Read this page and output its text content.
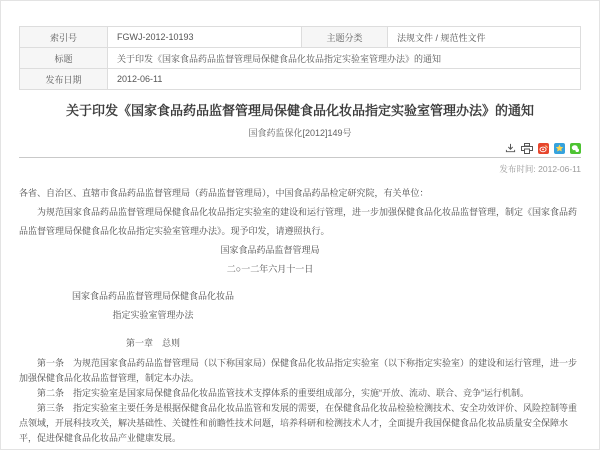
索引号	FGWJ-2012-10193	主题分类	法规文件 / 规范性文件
标题	关于印发《国家食品药品监督管理局保健食品化妆品指定实验室管理办法》的通知		
发布日期	2012-06-11		
关于印发《国家食品药品监督管理局保健食品化妆品指定实验室管理办法》的通知
国食药监保化[2012]149号
发布时间: 2012-06-11

各省、自治区、直辖市食品药品监督管理局（药品监督管理局），中国食品药品检定研究院，有关单位：

为规范国家食品药品监督管理局保健食品化妆品指定实验室的建设和运行管理，进一步加强保健食品化妆品监督管理，制定《国家食品药品监督管理局保健食品化妆品指定实验室管理办法》。现予印发，请遵照执行。

国家食品药品监督管理局

二○一二年六月十一日

国家食品药品监督管理局保健食品化妆品

指定实验室管理办法

第一章　总则

第一条　为规范国家食品药品监督管理局（以下称国家局）保健食品化妆品指定实验室（以下称指定实验室）的建设和运行管理，进一步加强保健食品化妆品监督管理，制定本办法。

第二条　指定实验室是国家局保健食品化妆品监管技术支撑体系的重要组成部分，实施“开放、流动、联合、竞争”运行机制。

第三条　指定实验室主要任务是根据保健食品化妆品监管和发展的需要，在保健食品化妆品检验检测技术、安全功效评价、风险控制等重点领域，开展科技攻关，解决基础性、关键性和前瞻性技术问题，培养科研和检测技术人才，全面提升我国保健食品化妆品质量安全保障水平，促进保健食品化妆品产业健康发展。
